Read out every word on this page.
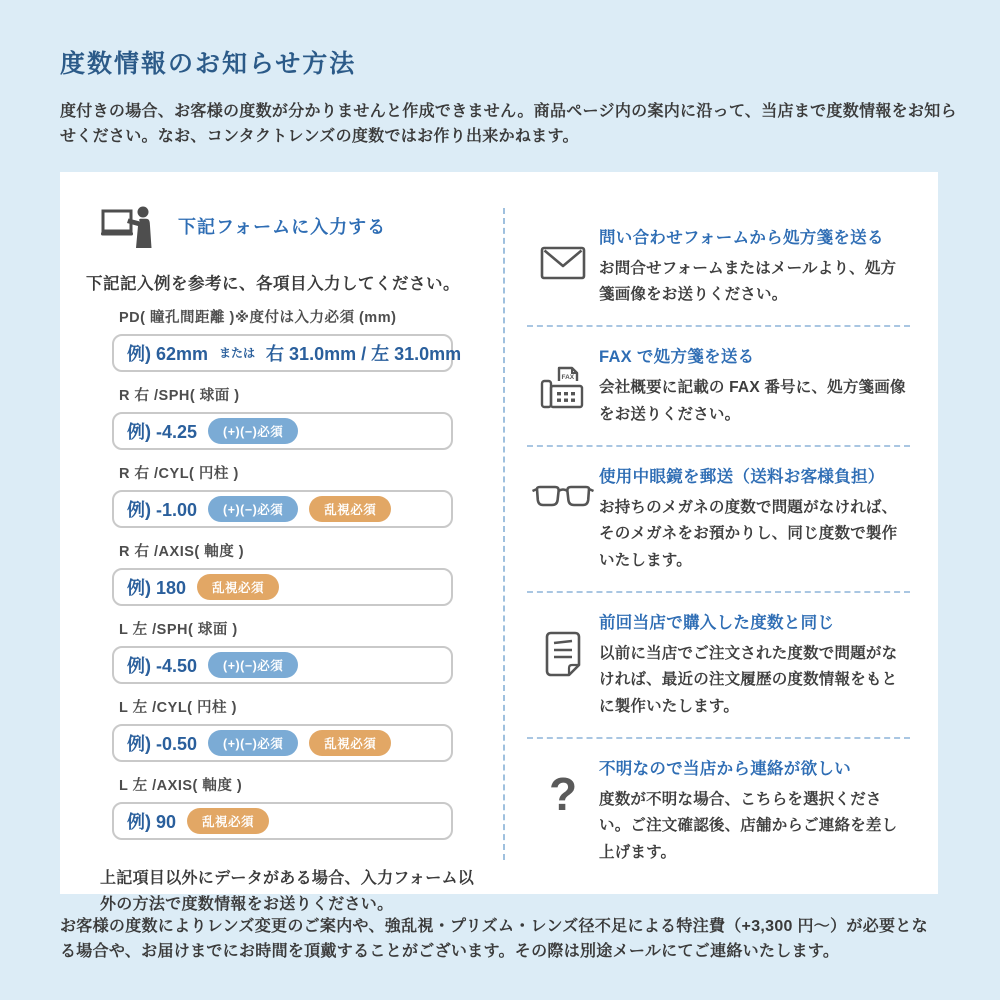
度数情報のお知らせ方法
度付きの場合、お客様の度数が分かりませんと作成できません。商品ページ内の案内に沿って、当店まで度数情報をお知らせください。なお、コンタクトレンズの度数ではお作り出来かねます。
下記フォームに入力する
下記記入例を参考に、各項目入力してください。
PD( 瞳孔間距離 )※度付は入力必須 (mm)
例) 62mm または 右 31.0mm / 左 31.0mm
R 右 /SPH( 球面 )
例) -4.25	(+)(−)必須
R 右 /CYL( 円柱 )
例) -1.00	(+)(−)必須	乱視必須
R 右 /AXIS( 軸度 )
例) 180	乱視必須
L 左 /SPH( 球面 )
例) -4.50	(+)(−)必須
L 左 /CYL( 円柱 )
例) -0.50	(+)(−)必須	乱視必須
L 左 /AXIS( 軸度 )
例) 90	乱視必須
上記項目以外にデータがある場合、入力フォーム以外の方法で度数情報をお送りください。
問い合わせフォームから処方箋を送る
お問合せフォームまたはメールより、処方箋画像をお送りください。
FAX
FAX で処方箋を送る
会社概要に記載の FAX 番号に、処方箋画像をお送りください。
使用中眼鏡を郵送（送料お客様負担）
お持ちのメガネの度数で問題がなければ、そのメガネをお預かりし、同じ度数で製作いたします。
前回当店で購入した度数と同じ
以前に当店でご注文された度数で問題がなければ、最近の注文履歴の度数情報をもとに製作いたします。
? 不明なので当店から連絡が欲しい
度数が不明な場合、こちらを選択ください。ご注文確認後、店舗からご連絡を差し上げます。
お客様の度数によりレンズ変更のご案内や、強乱視・プリズム・レンズ径不足による特注費（+3,300 円～）が必要となる場合や、お届けまでにお時間を頂戴することがございます。その際は別途メールにてご連絡いたします。
